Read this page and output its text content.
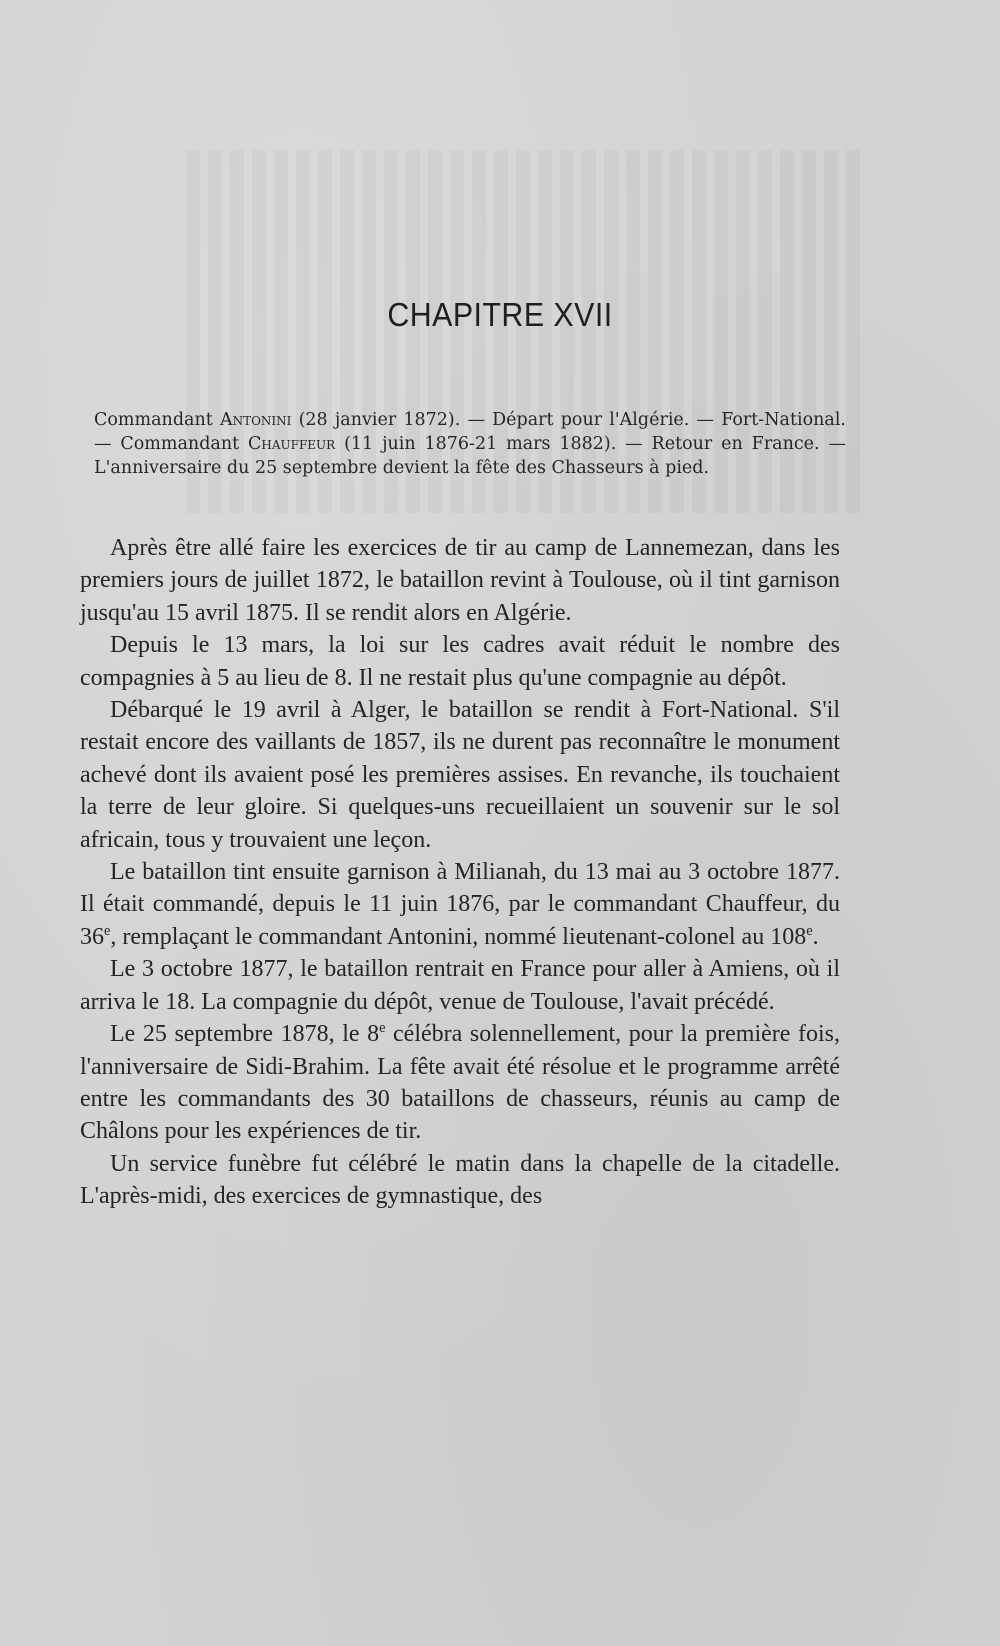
CHAPITRE XVII
Commandant Antonini (28 janvier 1872). — Départ pour l'Algérie. — Fort-National. — Commandant Chauffeur (11 juin 1876-21 mars 1882). — Retour en France. — L'anniversaire du 25 septembre devient la fête des Chasseurs à pied.

Après être allé faire les exercices de tir au camp de Lannemezan, dans les premiers jours de juillet 1872, le bataillon revint à Toulouse, où il tint garnison jusqu'au 15 avril 1875. Il se rendit alors en Algérie.

Depuis le 13 mars, la loi sur les cadres avait réduit le nombre des compagnies à 5 au lieu de 8. Il ne restait plus qu'une compagnie au dépôt.

Débarqué le 19 avril à Alger, le bataillon se rendit à Fort-National. S'il restait encore des vaillants de 1857, ils ne durent pas reconnaître le monument achevé dont ils avaient posé les premières assises. En revanche, ils touchaient la terre de leur gloire. Si quelques-uns recueillaient un souvenir sur le sol africain, tous y trouvaient une leçon.

Le bataillon tint ensuite garnison à Milianah, du 13 mai au 3 octobre 1877. Il était commandé, depuis le 11 juin 1876, par le commandant Chauffeur, du 36e, remplaçant le commandant Antonini, nommé lieutenant-colonel au 108e.

Le 3 octobre 1877, le bataillon rentrait en France pour aller à Amiens, où il arriva le 18. La compagnie du dépôt, venue de Toulouse, l'avait précédé.

Le 25 septembre 1878, le 8e célébra solennellement, pour la première fois, l'anniversaire de Sidi-Brahim. La fête avait été résolue et le programme arrêté entre les commandants des 30 bataillons de chasseurs, réunis au camp de Châlons pour les expériences de tir.

Un service funèbre fut célébré le matin dans la chapelle de la citadelle. L'après-midi, des exercices de gymnastique, des
